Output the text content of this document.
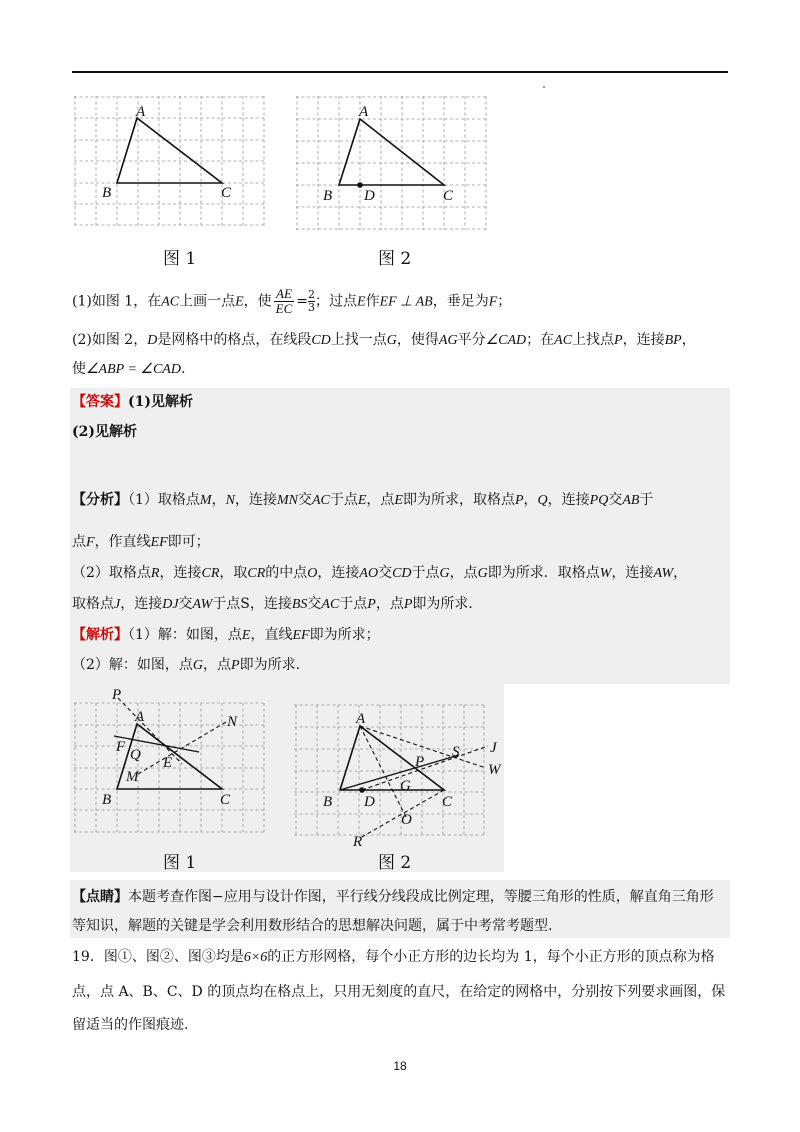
A
B	C
图 1
A
B D	C
图 2
(1)如图 1，在AC上画一点E，使 $\frac{AE}{EC} = \frac{2}{3}$；过点E作EF ⊥ AB，垂足为F；
(2)如图 2，D是网格中的格点，在线段CD上找一点G，使得AG平分∠CAD；在AC上找点P，连接BP，
使∠ABP = ∠CAD.
【答案】(1)见解析
(2)见解析
【分析】（1）取格点M，N，连接MN交AC于点E，点E即为所求，取格点P，Q，连接PQ交AB于
点F，作直线EF即可；
（2）取格点R，连接CR，取CR的中点O，连接AO交CD于点G，点G即为所求．取格点W，连接AW，
取格点J，连接DJ交AW于点S，连接BS交AC于点P，点P即为所求．
【解析】（1）解：如图，点E，直线EF即为所求；
（2）解：如图，点G，点P即为所求.
P
A	N
F Q E
M
B	C
图 1
A
S J
P	W
G
B D	C
O
R
图 2
【点睛】本题考查作图−应用与设计作图，平行线分线段成比例定理，等腰三角形的性质，解直角三角形
等知识，解题的关键是学会利用数形结合的思想解决问题，属于中考常考题型.
19．图①、图②、图③均是6×6的正方形网格，每个小正方形的边长均为 1，每个小正方形的顶点称为格
点，点 A、B、C、D 的顶点均在格点上，只用无刻度的直尺，在给定的网格中，分别按下列要求画图，保
留适当的作图痕迹.
18
